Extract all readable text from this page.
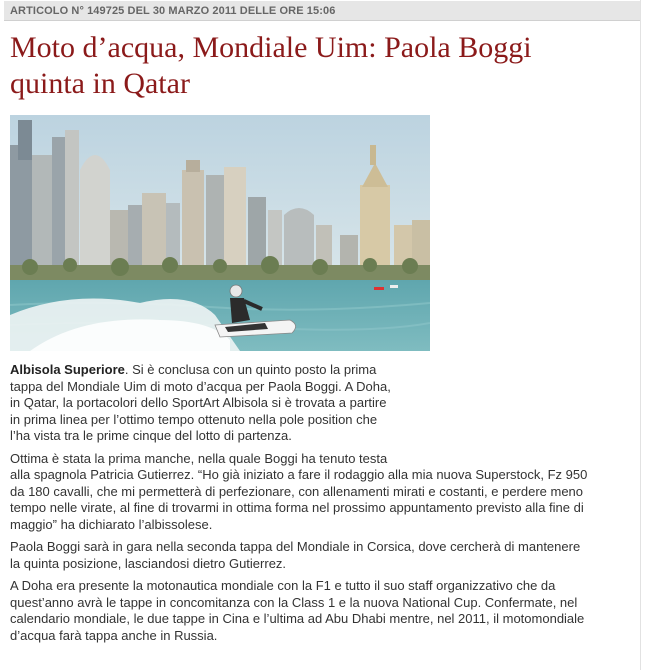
ARTICOLO N° 149725 DEL 30 MARZO 2011 DELLE ORE 15:06
Moto d’acqua, Mondiale Uim: Paola Boggi
quinta in Qatar

Albisola Superiore. Si è conclusa con un quinto posto la prima
tappa del Mondiale Uim di moto d’acqua per Paola Boggi. A Doha,
in Qatar, la portacolori dello SportArt Albisola si è trovata a partire
in prima linea per l’ottimo tempo ottenuto nella pole position che
l’ha vista tra le prime cinque del lotto di partenza.

Ottima è stata la prima manche, nella quale Boggi ha tenuto testa
alla spagnola Patricia Gutierrez. “Ho già iniziato a fare il rodaggio alla mia nuova Superstock, Fz 950
da 180 cavalli, che mi permetterà di perfezionare, con allenamenti mirati e costanti, e perdere meno
tempo nelle virate, al fine di trovarmi in ottima forma nel prossimo appuntamento previsto alla fine di
maggio” ha dichiarato l’albissolese.

Paola Boggi sarà in gara nella seconda tappa del Mondiale in Corsica, dove cercherà di mantenere
la quinta posizione, lasciandosi dietro Gutierrez.

A Doha era presente la motonautica mondiale con la F1 e tutto il suo staff organizzativo che da
quest’anno avrà le tappe in concomitanza con la Class 1 e la nuova National Cup. Confermate, nel
calendario mondiale, le due tappe in Cina e l’ultima ad Abu Dhabi mentre, nel 2011, il motomondiale
d’acqua farà tappa anche in Russia.
